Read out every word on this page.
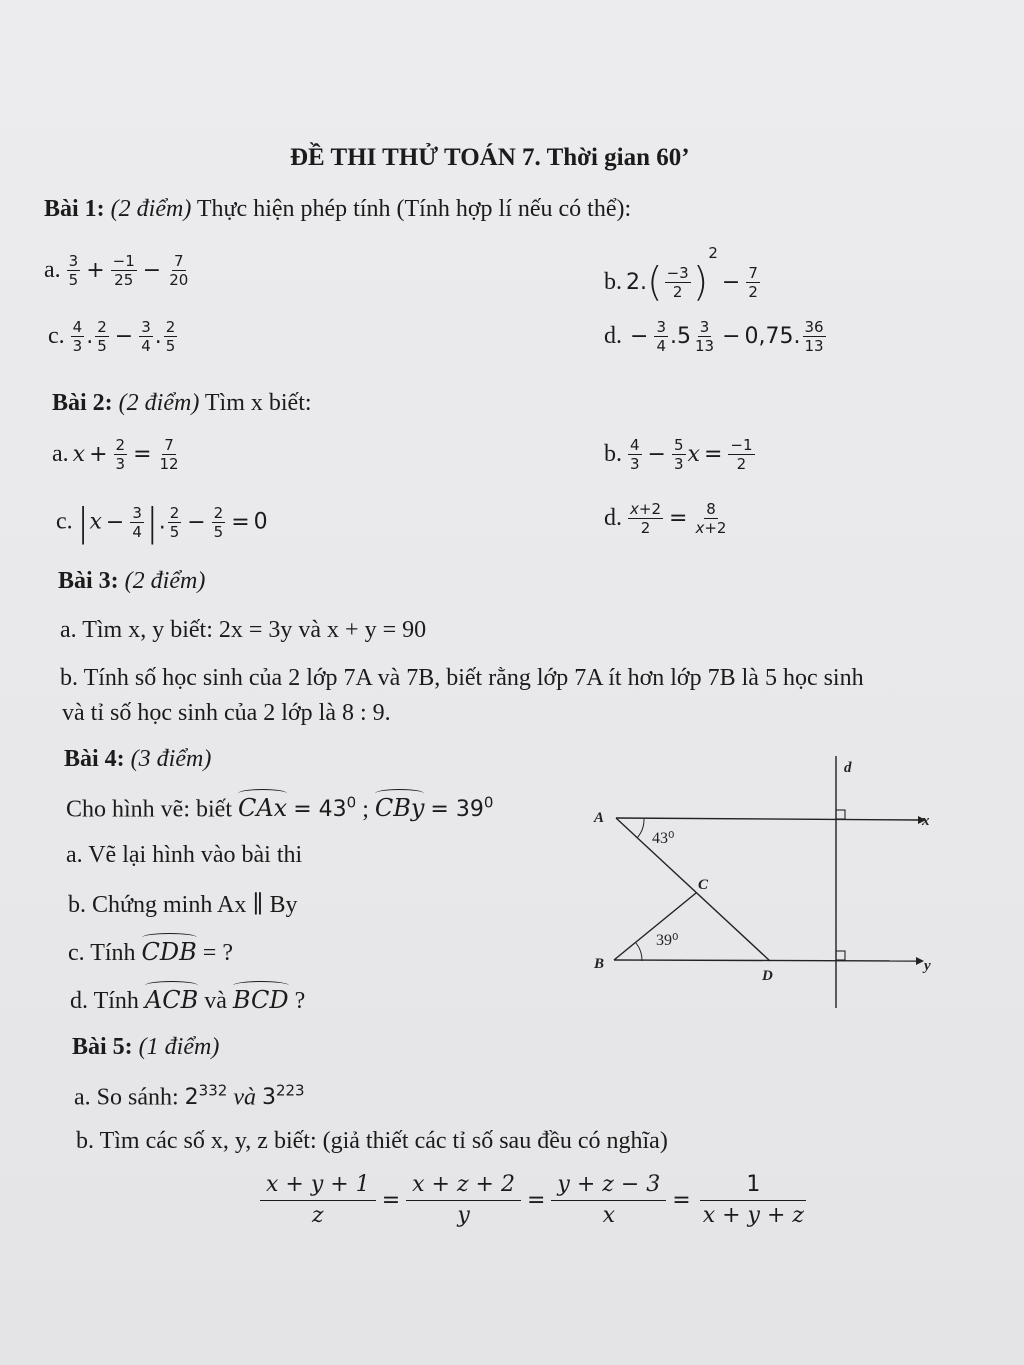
ĐỀ THI THỬ TOÁN 7. Thời gian 60’
Bài 1: (2 điểm) Thực hiện phép tính (Tính hợp lí nếu có thể):
a. $\frac{3}{5} + \frac{-1}{25} - \frac{7}{20}$	b. $2.( \frac{-3}{2} )^2- \frac{7}{2}$
c. $\frac{4}{3}$ . $\frac{2}{5} - \frac{3}{4}$ . $\frac{2}{5}$	d. − $\frac{3}{4} .5 \frac{3}{13} - 0,75$. $\frac{36}{13}$
Bài 2: (2 điểm) Tìm x biết:
a. $x + \frac{2}{3} = \frac{7}{12}$	b. $\frac{4}{3} - \frac{5}{3}$ $x = \frac{-1}{2}$
c. $|x - \frac{3}{4}$ |. $\frac{2}{5} - \frac{2}{5} = 0$	d. $\frac{x+2}{2} = \frac{8}{x+2}$
Bài 3: (2 điểm)
a. Tìm x, y biết: 2x = 3y và x + y = 90
b. Tính số học sinh của 2 lớp 7A và 7B, biết rằng lớp 7A ít hơn lớp 7B là 5 học sinh
và tỉ số học sinh của 2 lớp là 8 : 9.
Bài 4: (3 điểm)
Cho hình vẽ: biết CAx = $43^0$ ; CBy = $39^0$
a. Vẽ lại hình vào bài thi
b. Chứng minh Ax ∥ By
c. Tính CDB = ?
d. Tính ACB và BCD ?
A
B
C
D
x
y
d
43⁰
39⁰
Bài 5: (1 điểm)
a. So sánh: $2^{332}$ và $3^{223}$
b. Tìm các số x, y, z biết: (giả thiết các tỉ số sau đều có nghĩa)
$\frac{x + y + 1}{z} = \frac{x + z + 2}{y} = \frac{y + z - 3}{x} = \frac{1}{x + y + z}$
